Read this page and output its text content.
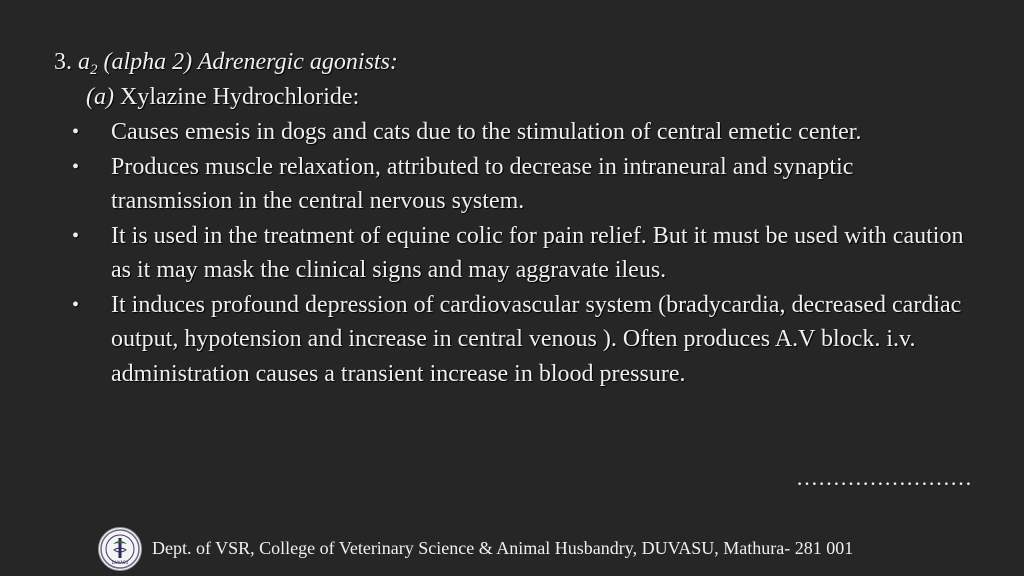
3. $a_2$ (alpha 2) Adrenergic agonists:
(a) Xylazine Hydrochloride:
• Causes emesis in dogs and cats due to the stimulation of central emetic center.
• Produces muscle relaxation, attributed to decrease in intraneural and synaptic transmission in the central nervous system.
• It is used in the treatment of equine colic for pain relief. But it must be used with caution as it may mask the clinical signs and may aggravate ileus.
• It induces profound depression of cardiovascular system (bradycardia, decreased cardiac output, hypotension and increase in central venous ). Often produces A.V block. i.v. administration causes a transient increase in blood pressure.
……………………
DUVASU
Dept. of VSR, College of Veterinary Science & Animal Husbandry, DUVASU, Mathura- 281 001
